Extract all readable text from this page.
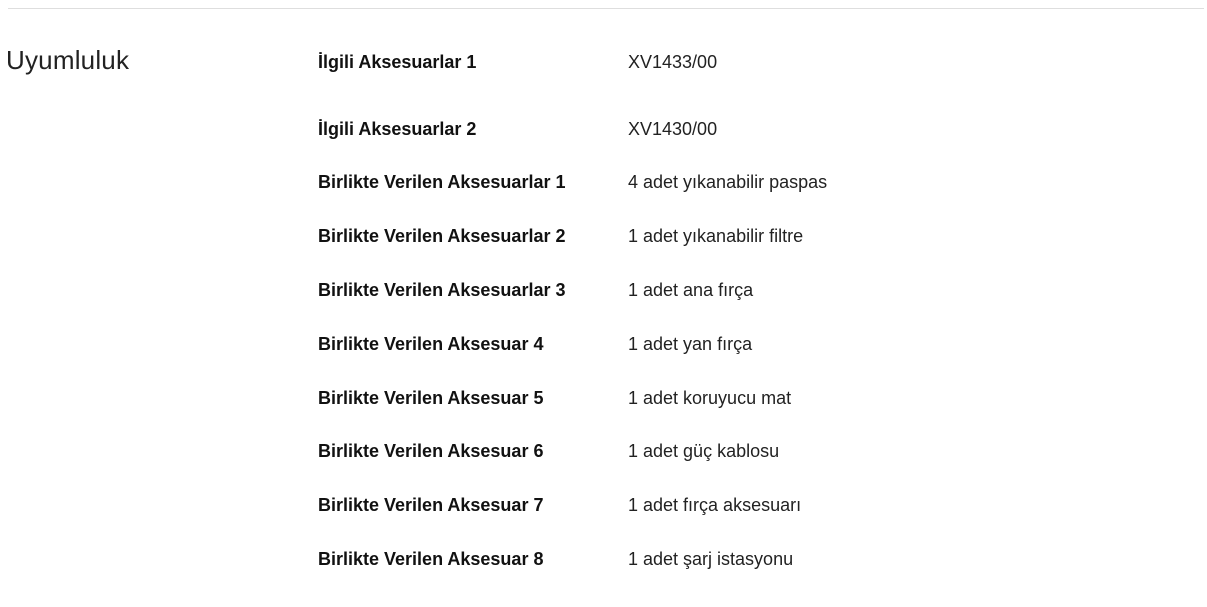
Uyumluluk	İlgili Aksesuarlar 1	XV1433/00
İlgili Aksesuarlar 2	XV1430/00
Birlikte Verilen Aksesuarlar 1	4 adet yıkanabilir paspas
Birlikte Verilen Aksesuarlar 2	1 adet yıkanabilir filtre
Birlikte Verilen Aksesuarlar 3	1 adet ana fırça
Birlikte Verilen Aksesuar 4	1 adet yan fırça
Birlikte Verilen Aksesuar 5	1 adet koruyucu mat
Birlikte Verilen Aksesuar 6	1 adet güç kablosu
Birlikte Verilen Aksesuar 7	1 adet fırça aksesuarı
Birlikte Verilen Aksesuar 8	1 adet şarj istasyonu
